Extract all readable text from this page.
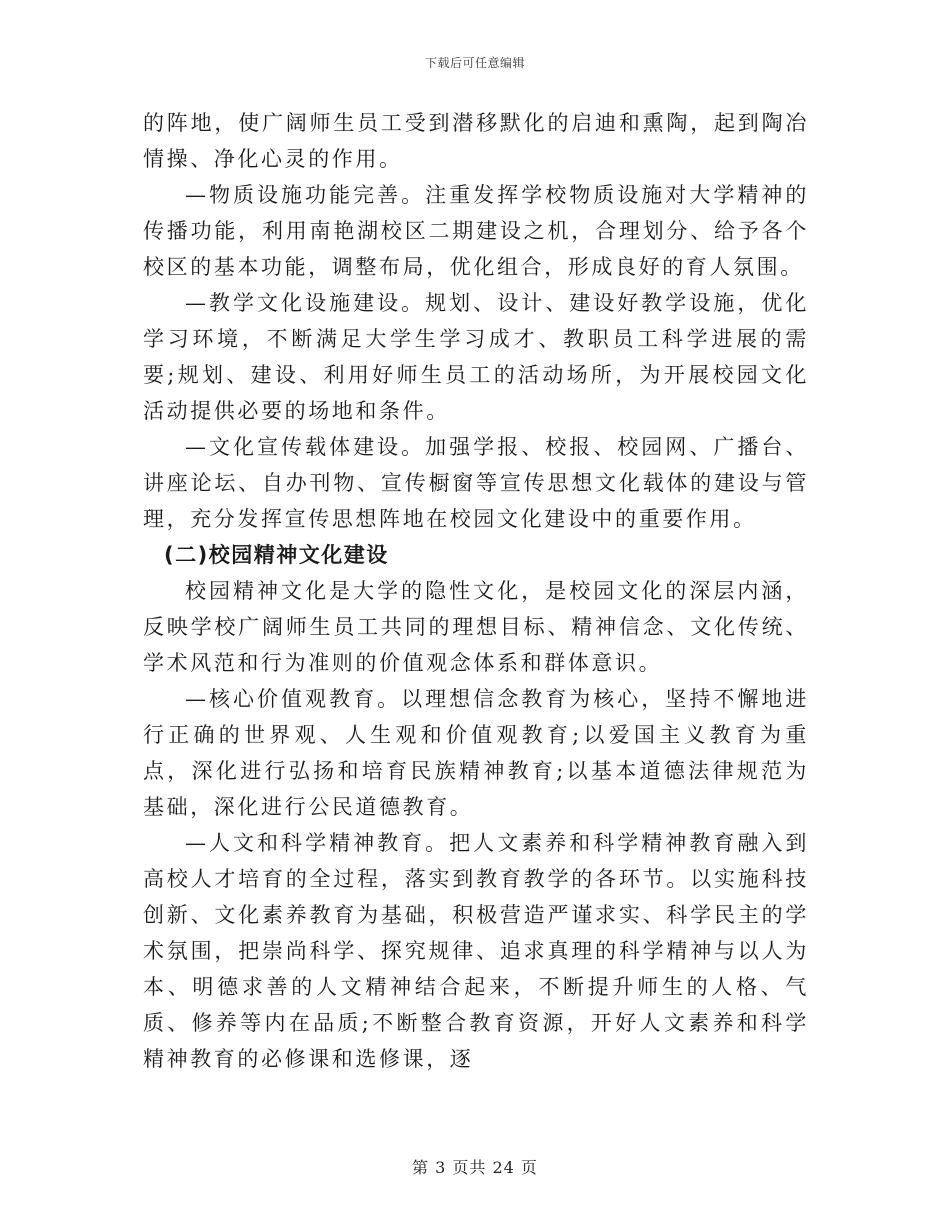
下载后可任意编辑

的阵地，使广阔师生员工受到潜移默化的启迪和熏陶，起到陶冶情操、净化心灵的作用。

—物质设施功能完善。注重发挥学校物质设施对大学精神的传播功能，利用南艳湖校区二期建设之机，合理划分、给予各个校区的基本功能，调整布局，优化组合，形成良好的育人氛围。

—教学文化设施建设。规划、设计、建设好教学设施，优化学习环境，不断满足大学生学习成才、教职员工科学进展的需要;规划、建设、利用好师生员工的活动场所，为开展校园文化活动提供必要的场地和条件。

—文化宣传载体建设。加强学报、校报、校园网、广播台、讲座论坛、自办刊物、宣传橱窗等宣传思想文化载体的建设与管理，充分发挥宣传思想阵地在校园文化建设中的重要作用。

(二)校园精神文化建设

校园精神文化是大学的隐性文化，是校园文化的深层内涵，反映学校广阔师生员工共同的理想目标、精神信念、文化传统、学术风范和行为准则的价值观念体系和群体意识。

—核心价值观教育。以理想信念教育为核心，坚持不懈地进行正确的世界观、人生观和价值观教育;以爱国主义教育为重点，深化进行弘扬和培育民族精神教育;以基本道德法律规范为基础，深化进行公民道德教育。

—人文和科学精神教育。把人文素养和科学精神教育融入到高校人才培育的全过程，落实到教育教学的各环节。以实施科技创新、文化素养教育为基础，积极营造严谨求实、科学民主的学术氛围，把崇尚科学、探究规律、追求真理的科学精神与以人为本、明德求善的人文精神结合起来，不断提升师生的人格、气质、修养等内在品质;不断整合教育资源，开好人文素养和科学精神教育的必修课和选修课，逐

第 3 页共 24 页
